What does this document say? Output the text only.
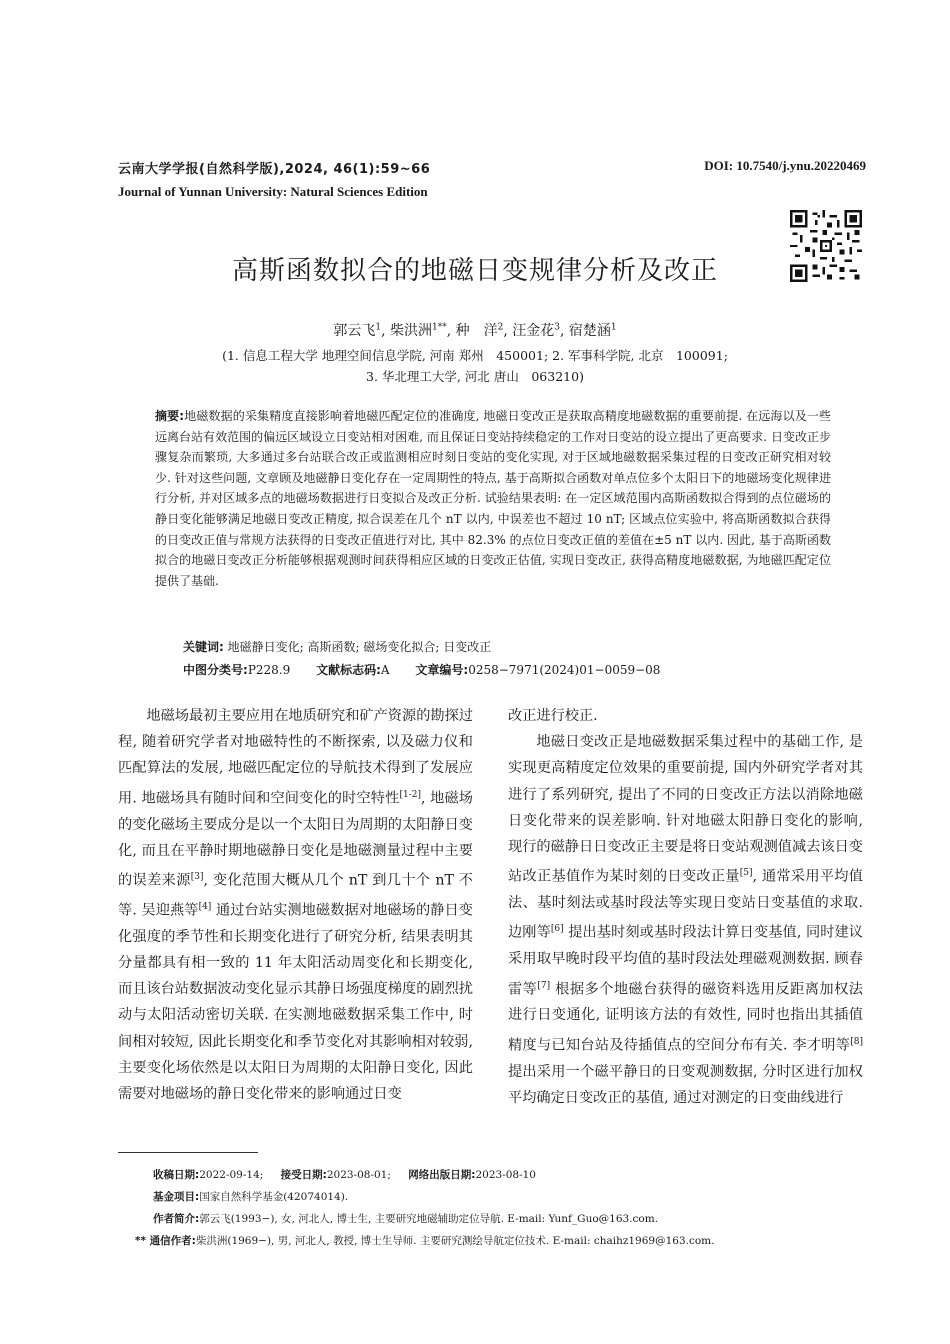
云南大学学报(自然科学版),2024, 46(1):59~66	DOI: 10.7540/j.ynu.20220469
Journal of Yunnan University: Natural Sciences Edition
高斯函数拟合的地磁日变规律分析及改正
郭云飞$^1$, 柴洪洲$^{1**}$, 种　洋$^2$, 汪金花$^3$, 宿楚涵$^1$
(1. 信息工程大学 地理空间信息学院, 河南 郑州　450001; 2. 军事科学院, 北京　100091;
3. 华北理工大学, 河北 唐山　063210)
摘要:地磁数据的采集精度直接影响着地磁匹配定位的准确度, 地磁日变改正是获取高精度地磁数据的重要前提. 在远海以及一些远离台站有效范围的偏远区域设立日变站相对困难, 而且保证日变站持续稳定的工作对日变站的设立提出了更高要求. 日变改正步骤复杂而繁琐, 大多通过多台站联合改正或监测相应时刻日变站的变化实现, 对于区域地磁数据采集过程的日变改正研究相对较少. 针对这些问题, 文章顾及地磁静日变化存在一定周期性的特点, 基于高斯拟合函数对单点位多个太阳日下的地磁场变化规律进行分析, 并对区域多点的地磁场数据进行日变拟合及改正分析. 试验结果表明: 在一定区域范围内高斯函数拟合得到的点位磁场的静日变化能够满足地磁日变改正精度, 拟合误差在几个 nT 以内, 中误差也不超过 10 nT; 区域点位实验中, 将高斯函数拟合获得的日变改正值与常规方法获得的日变改正值进行对比, 其中 82.3% 的点位日变改正值的差值在±5 nT 以内. 因此, 基于高斯函数拟合的地磁日变改正分析能够根据观测时间获得相应区域的日变改正估值, 实现日变改正, 获得高精度地磁数据, 为地磁匹配定位提供了基础.
关键词: 地磁静日变化; 高斯函数; 磁场变化拟合; 日变改正
中图分类号:P228.9 文献标志码:A 文章编号:0258−7971(2024)01−0059−08

地磁场最初主要应用在地质研究和矿产资源的勘探过程, 随着研究学者对地磁特性的不断探索, 以及磁力仪和匹配算法的发展, 地磁匹配定位的导航技术得到了发展应用. 地磁场具有随时间和空间变化的时空特性[1-2], 地磁场的变化磁场主要成分是以一个太阳日为周期的太阳静日变化, 而且在平静时期地磁静日变化是地磁测量过程中主要的误差来源[3], 变化范围大概从几个 nT 到几十个 nT 不等. 吴迎燕等[4] 通过台站实测地磁数据对地磁场的静日变化强度的季节性和长期变化进行了研究分析, 结果表明其分量都具有相一致的 11 年太阳活动周变化和长期变化, 而且该台站数据波动变化显示其静日场强度梯度的剧烈扰动与太阳活动密切关联. 在实测地磁数据采集工作中, 时间相对较短, 因此长期变化和季节变化对其影响相对较弱, 主要变化场依然是以太阳日为周期的太阳静日变化, 因此需要对地磁场的静日变化带来的影响通过日变

改正进行校正.

地磁日变改正是地磁数据采集过程中的基础工作, 是实现更高精度定位效果的重要前提, 国内外研究学者对其进行了系列研究, 提出了不同的日变改正方法以消除地磁日变化带来的误差影响. 针对地磁太阳静日变化的影响, 现行的磁静日日变改正主要是将日变站观测值减去该日变站改正基值作为某时刻的日变改正量[5], 通常采用平均值法、基时刻法或基时段法等实现日变站日变基值的求取. 边刚等[6] 提出基时刻或基时段法计算日变基值, 同时建议采用取早晚时段平均值的基时段法处理磁观测数据. 顾春雷等[7] 根据多个地磁台获得的磁资料选用反距离加权法进行日变通化, 证明该方法的有效性, 同时也指出其插值精度与已知台站及待插值点的空间分布有关. 李才明等[8] 提出采用一个磁平静日的日变观测数据, 分时区进行加权平均确定日变改正的基值, 通过对测定的日变曲线进行

收稿日期:2022-09-14; 接受日期:2023-08-01; 网络出版日期:2023-08-10
基金项目:国家自然科学基金(42074014).
作者简介:郭云飞(1993−), 女, 河北人, 博士生, 主要研究地磁辅助定位导航. E-mail: Yunf_Guo@163.com.
** 通信作者:柴洪洲(1969−), 男, 河北人, 教授, 博士生导师. 主要研究测绘导航定位技术. E-mail: chaihz1969@163.com.
